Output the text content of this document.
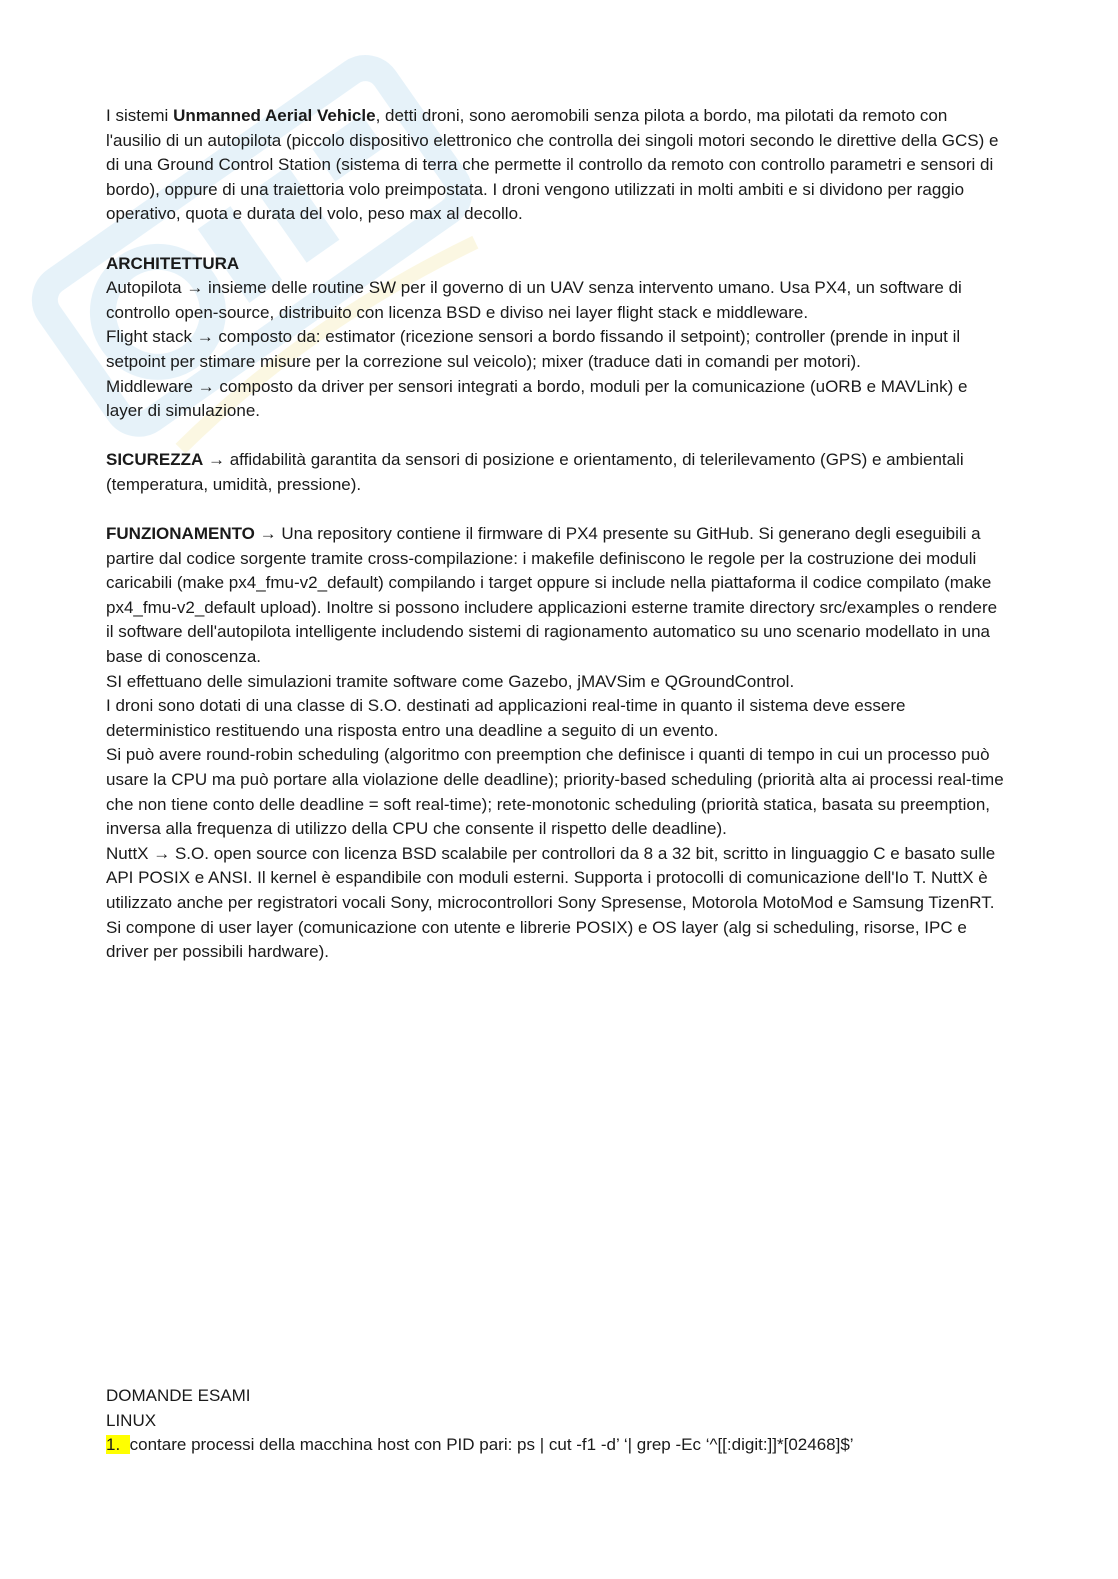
I sistemi Unmanned Aerial Vehicle, detti droni, sono aeromobili senza pilota a bordo, ma pilotati da remoto con l'ausilio di un autopilota (piccolo dispositivo elettronico che controlla dei singoli motori secondo le direttive della GCS) e di una Ground Control Station (sistema di terra che permette il controllo da remoto con controllo parametri e sensori di bordo), oppure di una traiettoria volo preimpostata. I droni vengono utilizzati in molti ambiti e si dividono per raggio operativo, quota e durata del volo, peso max al decollo.

ARCHITETTURA

Autopilota → insieme delle routine SW per il governo di un UAV senza intervento umano. Usa PX4, un software di controllo open-source, distribuito con licenza BSD e diviso nei layer flight stack e middleware.

Flight stack → composto da: estimator (ricezione sensori a bordo fissando il setpoint); controller (prende in input il setpoint per stimare misure per la correzione sul veicolo); mixer (traduce dati in comandi per motori).

Middleware → composto da driver per sensori integrati a bordo, moduli per la comunicazione (uORB e MAVLink) e layer di simulazione.

SICUREZZA → affidabilità garantita da sensori di posizione e orientamento, di telerilevamento (GPS) e ambientali (temperatura, umidità, pressione).

FUNZIONAMENTO → Una repository contiene il firmware di PX4 presente su GitHub. Si generano degli eseguibili a partire dal codice sorgente tramite cross-compilazione: i makefile definiscono le regole per la costruzione dei moduli caricabili (make px4_fmu-v2_default) compilando i target oppure si include nella piattaforma il codice compilato (make px4_fmu-v2_default upload). Inoltre si possono includere applicazioni esterne tramite directory src/examples o rendere il software dell'autopilota intelligente includendo sistemi di ragionamento automatico su uno scenario modellato in una base di conoscenza.

SI effettuano delle simulazioni tramite software come Gazebo, jMAVSim e QGroundControl.

I droni sono dotati di una classe di S.O. destinati ad applicazioni real-time in quanto il sistema deve essere deterministico restituendo una risposta entro una deadline a seguito di un evento.

Si può avere round-robin scheduling (algoritmo con preemption che definisce i quanti di tempo in cui un processo può usare la CPU ma può portare alla violazione delle deadline); priority-based scheduling (priorità alta ai processi real-time che non tiene conto delle deadline = soft real-time); rete-monotonic scheduling (priorità statica, basata su preemption, inversa alla frequenza di utilizzo della CPU che consente il rispetto delle deadline).

NuttX → S.O. open source con licenza BSD scalabile per controllori da 8 a 32 bit, scritto in linguaggio C e basato sulle API POSIX e ANSI. Il kernel è espandibile con moduli esterni. Supporta i protocolli di comunicazione dell'Io T. NuttX è utilizzato anche per registratori vocali Sony, microcontrollori Sony Spresense, Motorola MotoMod e Samsung TizenRT. Si compone di user layer (comunicazione con utente e librerie POSIX) e OS layer (alg si scheduling, risorse, IPC e driver per possibili hardware).

DOMANDE ESAMI

LINUX

1. contare processi della macchina host con PID pari: ps | cut -f1 -d’ ‘| grep -Ec ‘^[[:digit:]]*[02468]$’
